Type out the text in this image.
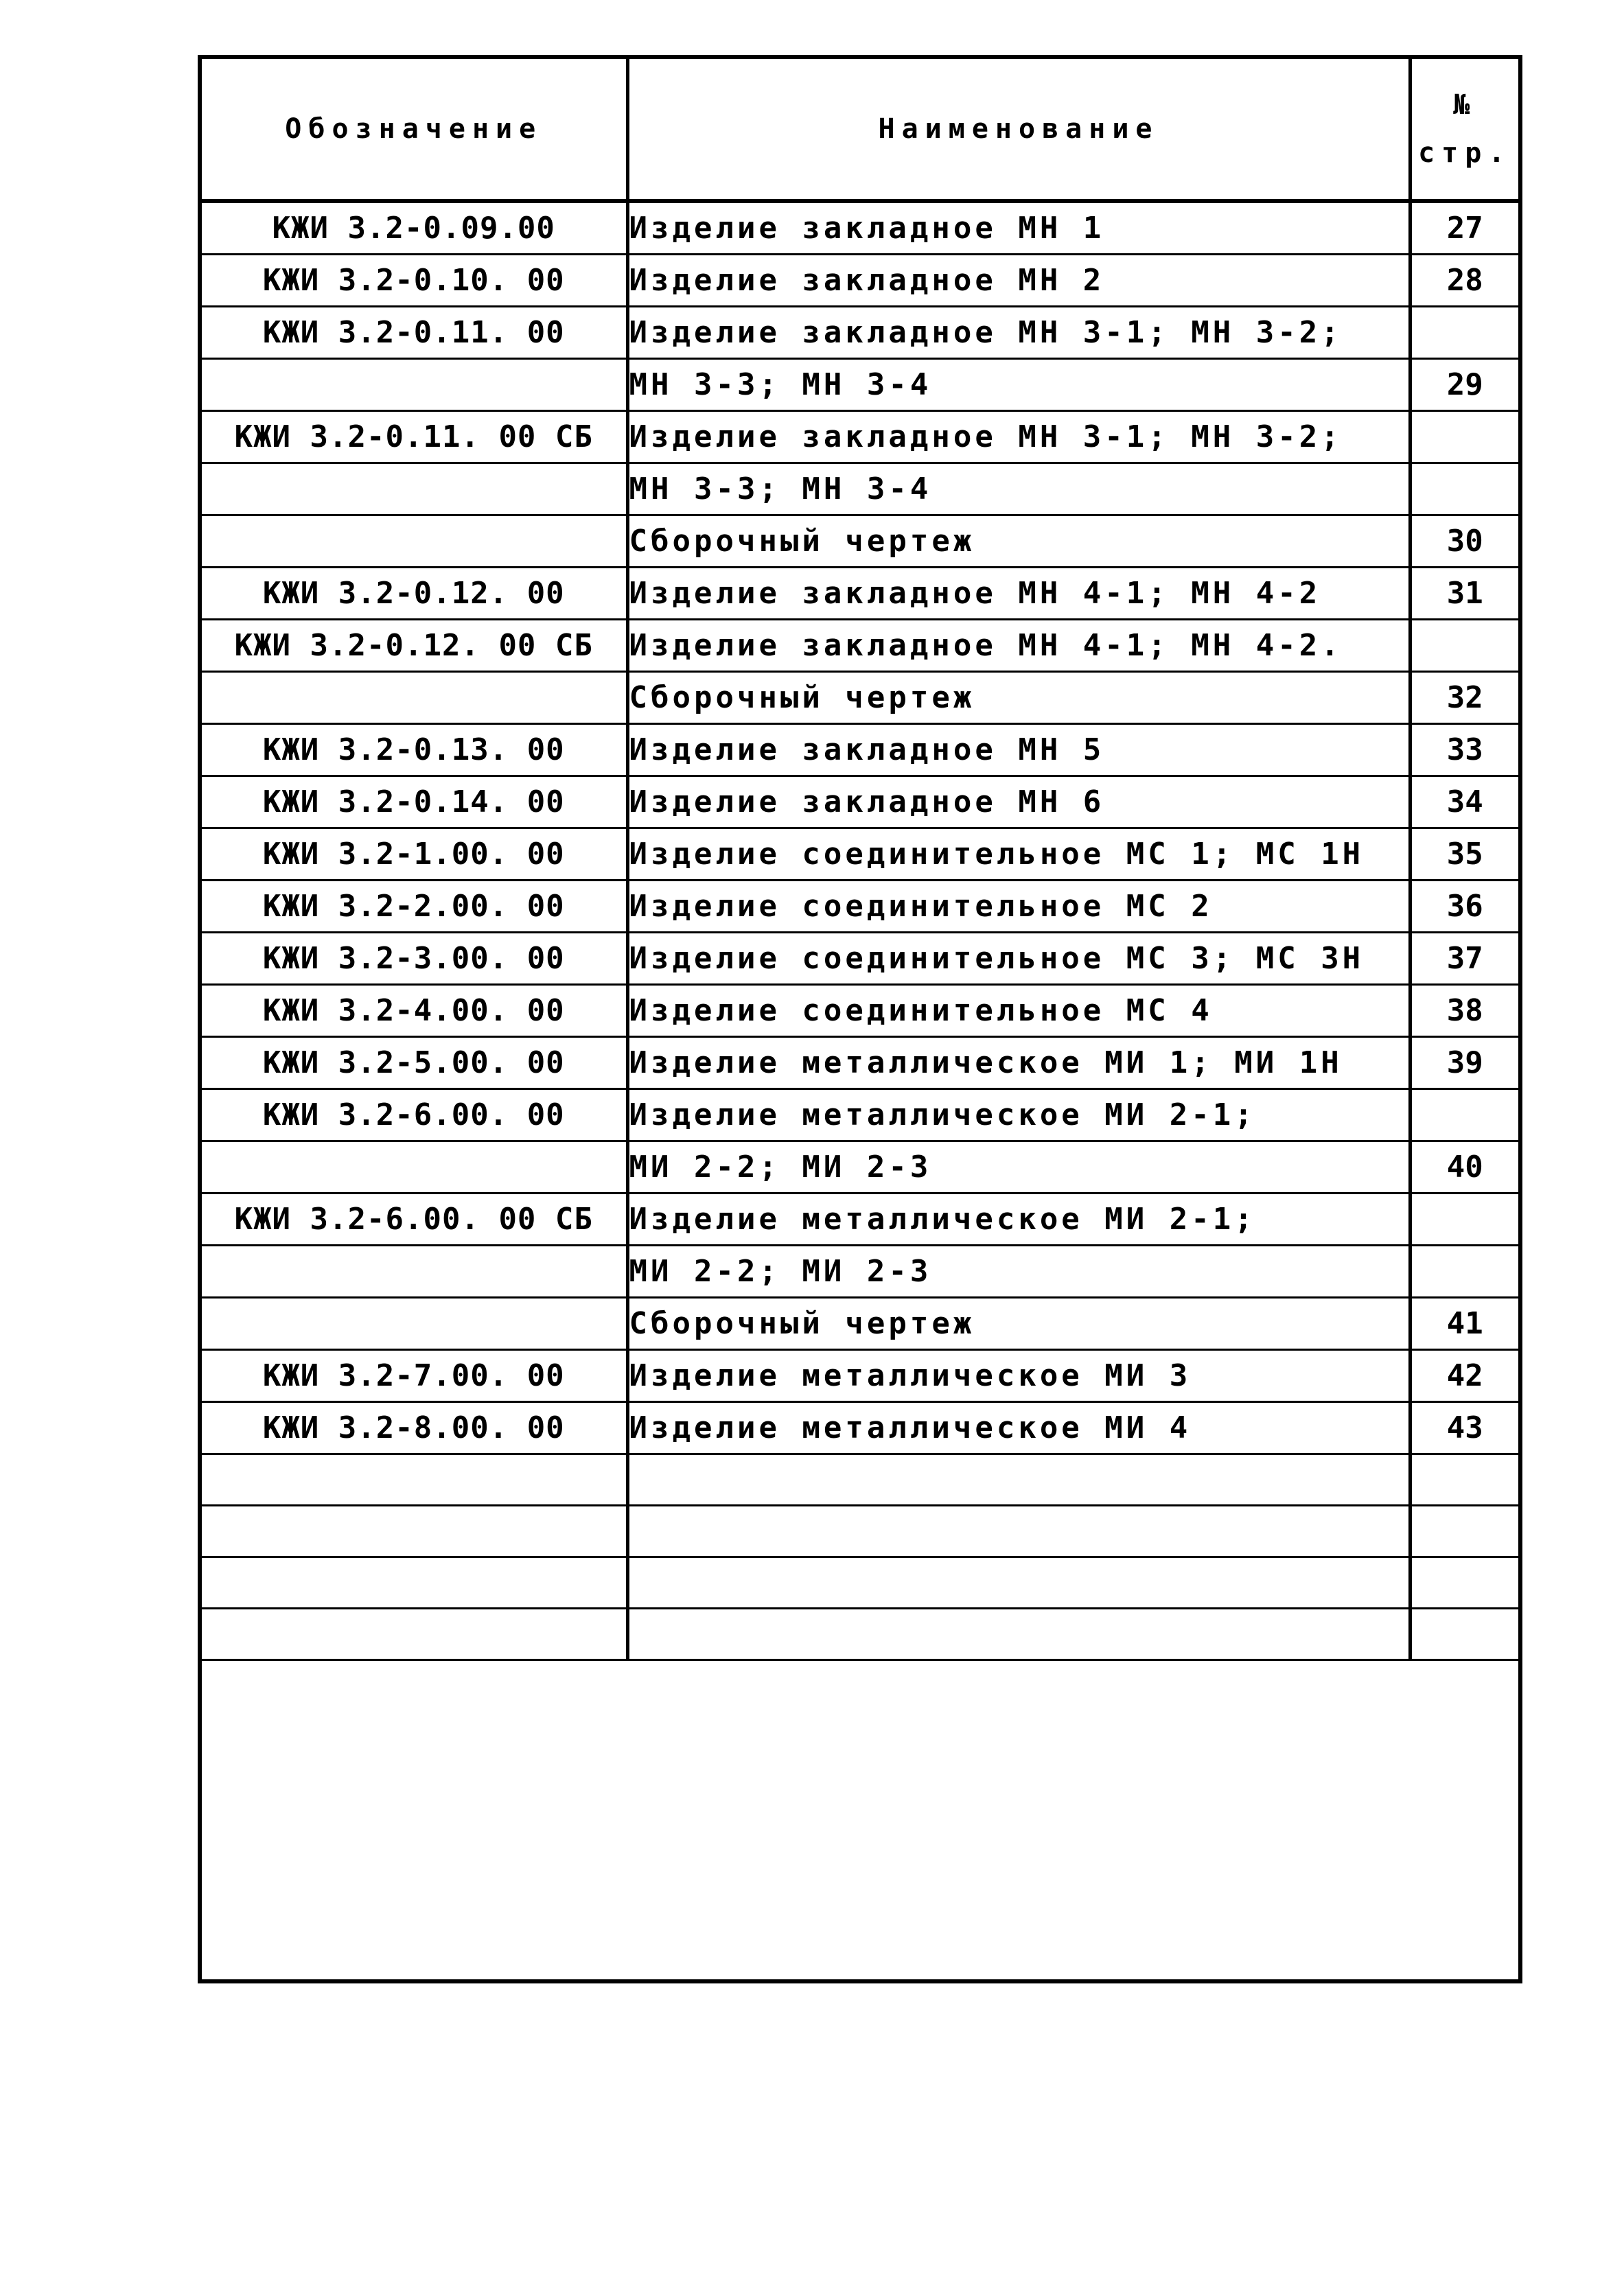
Обозначение	Наименование	№
стр.

КЖИ 3.2-0.09.00	Изделие закладное МН 1	27
КЖИ 3.2-0.10. 00	Изделие закладное МН 2	28
КЖИ 3.2-0.11. 00	Изделие закладное МН 3-1; МН 3-2;	
	МН 3-3; МН 3-4	29
КЖИ 3.2-0.11. 00 СБ	Изделие закладное МН 3-1; МН 3-2;	
	МН 3-3; МН 3-4	
	Сборочный чертеж	30
КЖИ 3.2-0.12. 00	Изделие закладное МН 4-1; МН 4-2	31
КЖИ 3.2-0.12. 00 СБ	Изделие закладное МН 4-1; МН 4-2.	
	Сборочный чертеж	32
КЖИ 3.2-0.13. 00	Изделие закладное МН 5	33
КЖИ 3.2-0.14. 00	Изделие закладное МН 6	34
КЖИ 3.2-1.00. 00	Изделие соединительное МС 1; МС 1Н	35
КЖИ 3.2-2.00. 00	Изделие соединительное МС 2	36
КЖИ 3.2-3.00. 00	Изделие соединительное МС 3; МС 3Н	37
КЖИ 3.2-4.00. 00	Изделие соединительное МС 4	38
КЖИ 3.2-5.00. 00	Изделие металлическое МИ 1; МИ 1Н	39
КЖИ 3.2-6.00. 00	Изделие металлическое МИ 2-1;	
	МИ 2-2; МИ 2-3	40
КЖИ 3.2-6.00. 00 СБ	Изделие металлическое МИ 2-1;	
	МИ 2-2; МИ 2-3	
	Сборочный чертеж	41
КЖИ 3.2-7.00. 00	Изделие металлическое МИ 3	42
КЖИ 3.2-8.00. 00	Изделие металлическое МИ 4	43
